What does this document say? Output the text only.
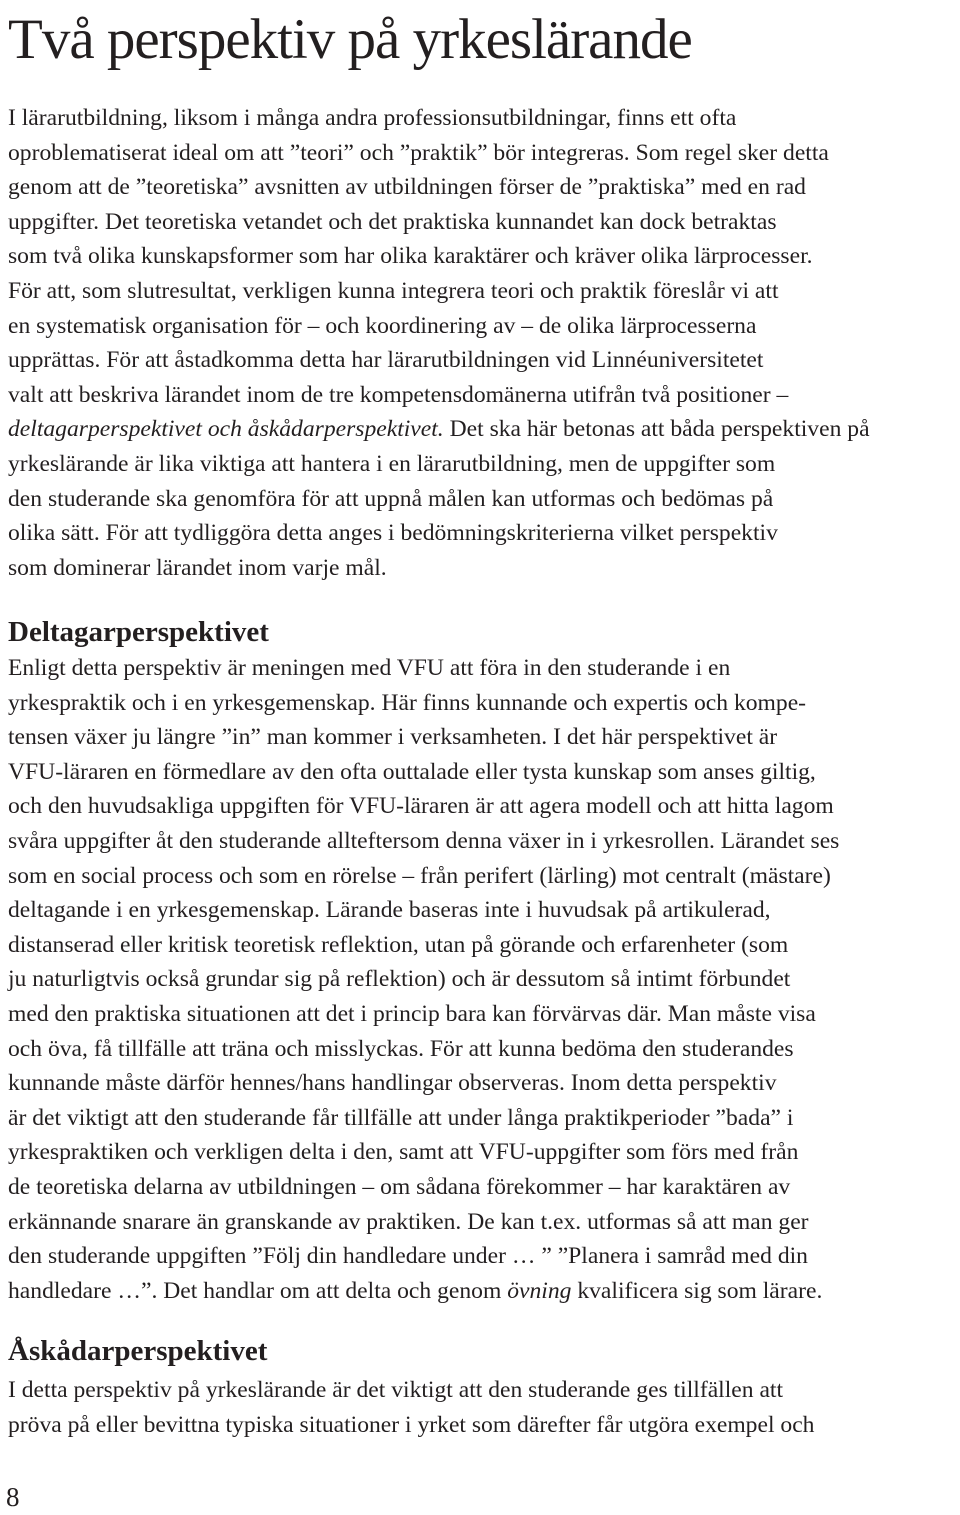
Två perspektiv på yrkeslärande
I lärarutbildning, liksom i många andra professionsutbildningar, finns ett ofta
oproblematiserat ideal om att ”teori” och ”praktik” bör integreras. Som regel sker detta
genom att de ”teoretiska” avsnitten av utbildningen förser de ”praktiska” med en rad
uppgifter. Det teoretiska vetandet och det praktiska kunnandet kan dock betraktas
som två olika kunskapsformer som har olika karaktärer och kräver olika lärprocesser.
För att, som slutresultat, verkligen kunna integrera teori och praktik föreslår vi att
en systematisk organisation för – och koordinering av – de olika lärprocesserna
upprättas. För att åstadkomma detta har lärarutbildningen vid Linnéuniversitetet
valt att beskriva lärandet inom de tre kompetensdomänerna utifrån två positioner –
deltagarperspektivet och åskådarperspektivet. Det ska här betonas att båda perspektiven på
yrkeslärande är lika viktiga att hantera i en lärarutbildning, men de uppgifter som
den studerande ska genomföra för att uppnå målen kan utformas och bedömas på
olika sätt. För att tydliggöra detta anges i bedömningskriterierna vilket perspektiv
som dominerar lärandet inom varje mål.
Deltagarperspektivet
Enligt detta perspektiv är meningen med VFU att föra in den studerande i en
yrkespraktik och i en yrkesgemenskap. Här finns kunnande och expertis och kompe-
tensen växer ju längre ”in” man kommer i verksamheten. I det här perspektivet är
VFU-läraren en förmedlare av den ofta outtalade eller tysta kunskap som anses giltig,
och den huvudsakliga uppgiften för VFU-läraren är att agera modell och att hitta lagom
svåra uppgifter åt den studerande allteftersom denna växer in i yrkesrollen. Lärandet ses
som en social process och som en rörelse – från perifert (lärling) mot centralt (mästare)
deltagande i en yrkesgemenskap. Lärande baseras inte i huvudsak på artikulerad,
distanserad eller kritisk teoretisk reflektion, utan på görande och erfarenheter (som
ju naturligtvis också grundar sig på reflektion) och är dessutom så intimt förbundet
med den praktiska situationen att det i princip bara kan förvärvas där. Man måste visa
och öva, få tillfälle att träna och misslyckas. För att kunna bedöma den studerandes
kunnande måste därför hennes/hans handlingar observeras. Inom detta perspektiv
är det viktigt att den studerande får tillfälle att under långa praktikperioder ”bada” i
yrkespraktiken och verkligen delta i den, samt att VFU-uppgifter som förs med från
de teoretiska delarna av utbildningen – om sådana förekommer – har karaktären av
erkännande snarare än granskande av praktiken. De kan t.ex. utformas så att man ger
den studerande uppgiften ”Följ din handledare under … ” ”Planera i samråd med din
handledare …”. Det handlar om att delta och genom övning kvalificera sig som lärare.
Åskådarperspektivet
I detta perspektiv på yrkeslärande är det viktigt att den studerande ges tillfällen att
pröva på eller bevittna typiska situationer i yrket som därefter får utgöra exempel och
8
